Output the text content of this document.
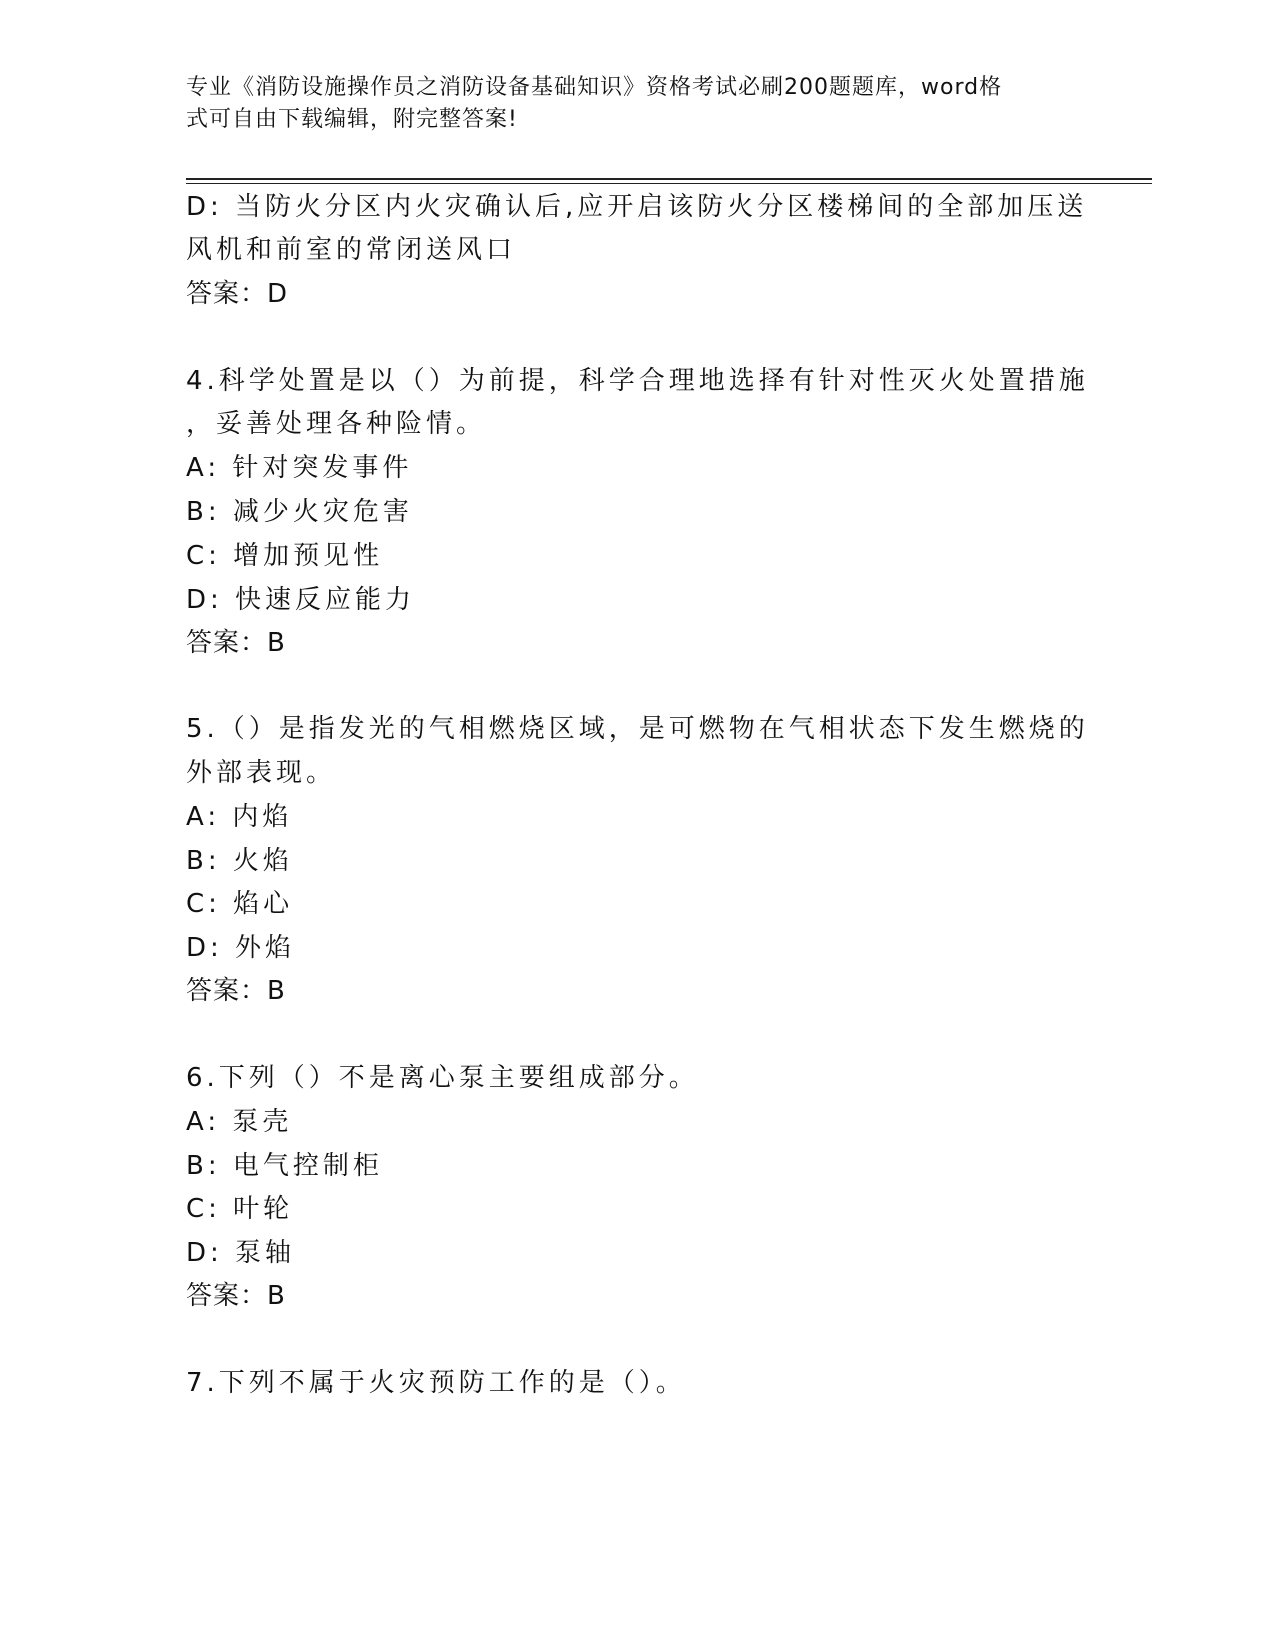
专业《消防设施操作员之消防设备基础知识》资格考试必刷200题题库，word格
式可自由下载编辑，附完整答案!
D: 当防火分区内火灾确认后,应开启该防火分区楼梯间的全部加压送
风机和前室的常闭送风口
答案：D
4.科学处置是以（）为前提，科学合理地选择有针对性灭火处置措施
，妥善处理各种险情。
A: 针对突发事件
B: 减少火灾危害
C: 增加预见性
D: 快速反应能力
答案：B
5.（）是指发光的气相燃烧区域，是可燃物在气相状态下发生燃烧的
外部表现。
A: 内焰
B: 火焰
C: 焰心
D: 外焰
答案：B
6.下列（）不是离心泵主要组成部分。
A: 泵壳
B: 电气控制柜
C: 叶轮
D: 泵轴
答案：B
7.下列不属于火灾预防工作的是（）。
